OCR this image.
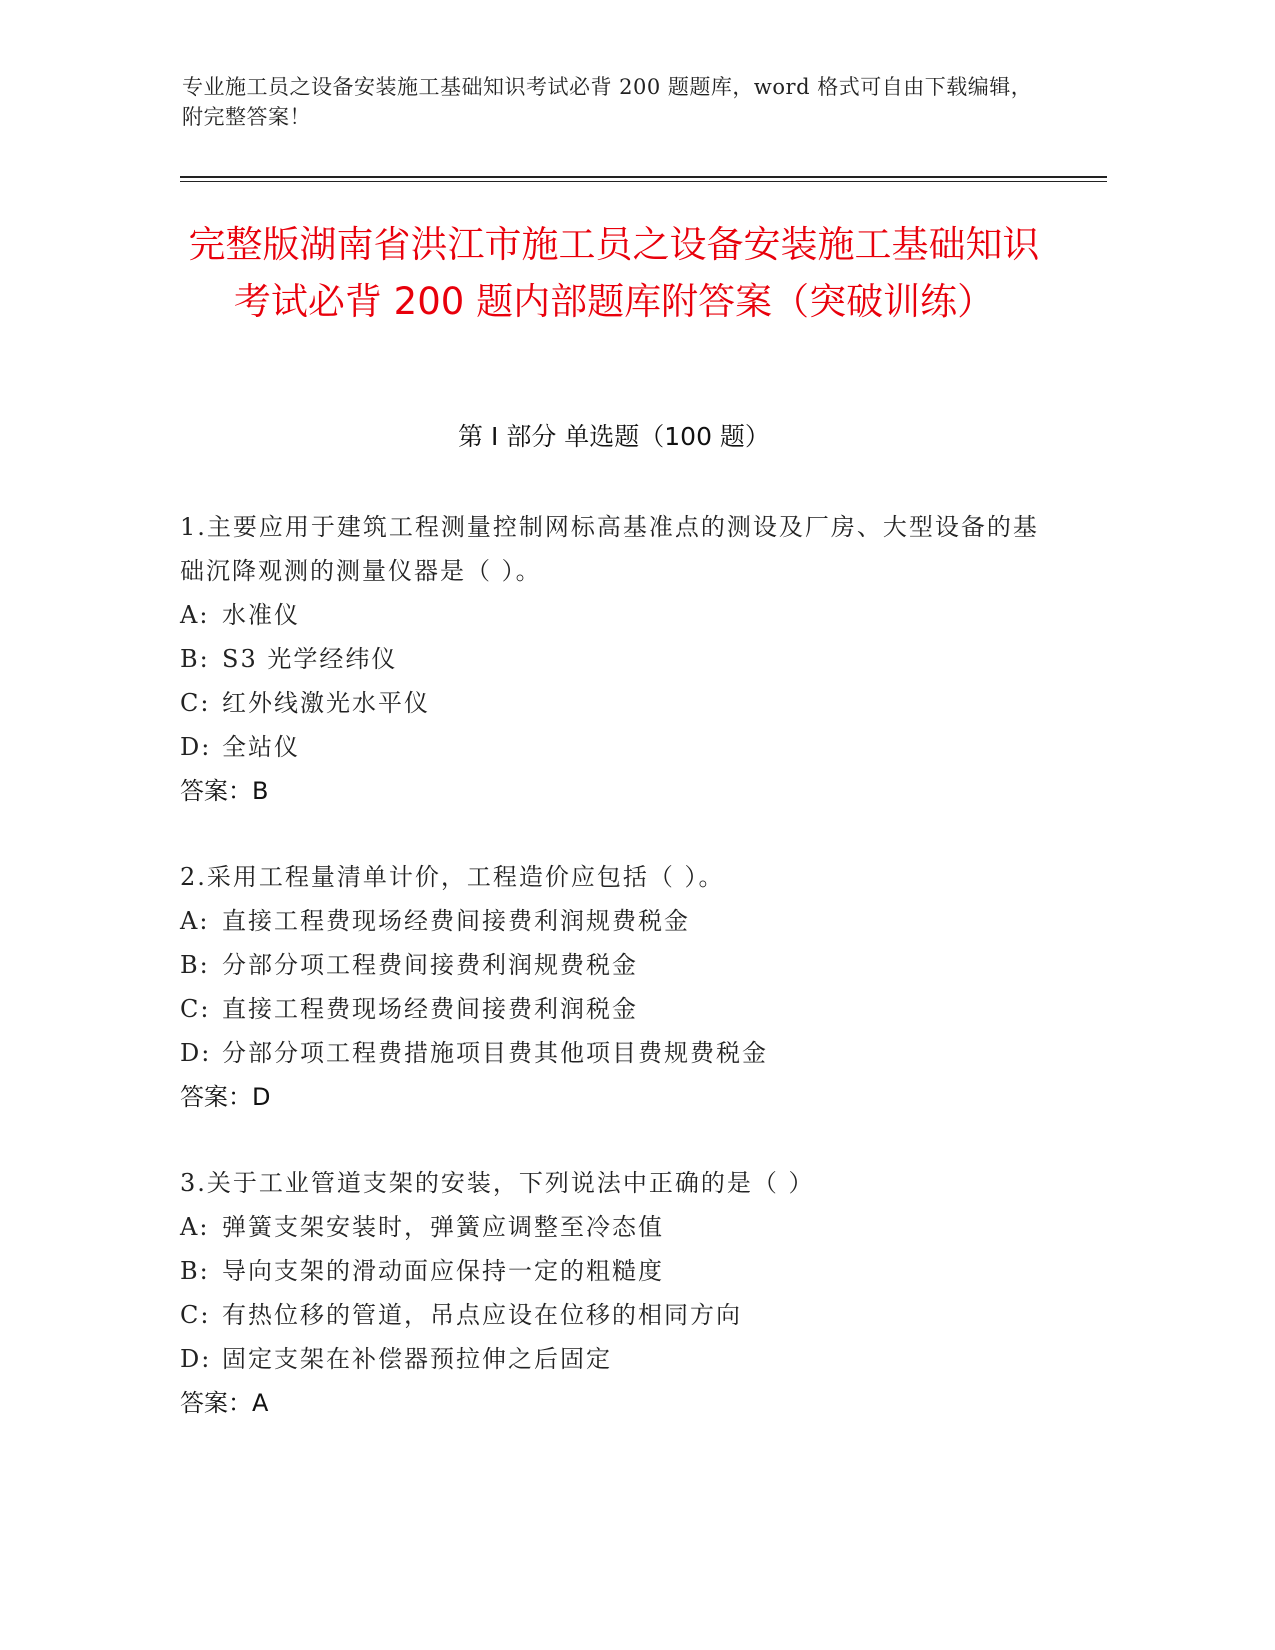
专业施工员之设备安装施工基础知识考试必背 200 题题库，word 格式可自由下载编辑，附完整答案！
完整版湖南省洪江市施工员之设备安装施工基础知识考试必背 200 题内部题库附答案（突破训练）
第 I 部分 单选题（100 题）
1.主要应用于建筑工程测量控制网标高基准点的测设及厂房、大型设备的基础沉降观测的测量仪器是（ ）。
A: 水准仪
B: S3 光学经纬仪
C: 红外线激光水平仪
D: 全站仪
答案：B
2.采用工程量清单计价，工程造价应包括（ ）。
A: 直接工程费现场经费间接费利润规费税金
B: 分部分项工程费间接费利润规费税金
C: 直接工程费现场经费间接费利润税金
D: 分部分项工程费措施项目费其他项目费规费税金
答案：D
3.关于工业管道支架的安装，下列说法中正确的是（ ）
A: 弹簧支架安装时，弹簧应调整至冷态值
B: 导向支架的滑动面应保持一定的粗糙度
C: 有热位移的管道，吊点应设在位移的相同方向
D: 固定支架在补偿器预拉伸之后固定
答案：A
